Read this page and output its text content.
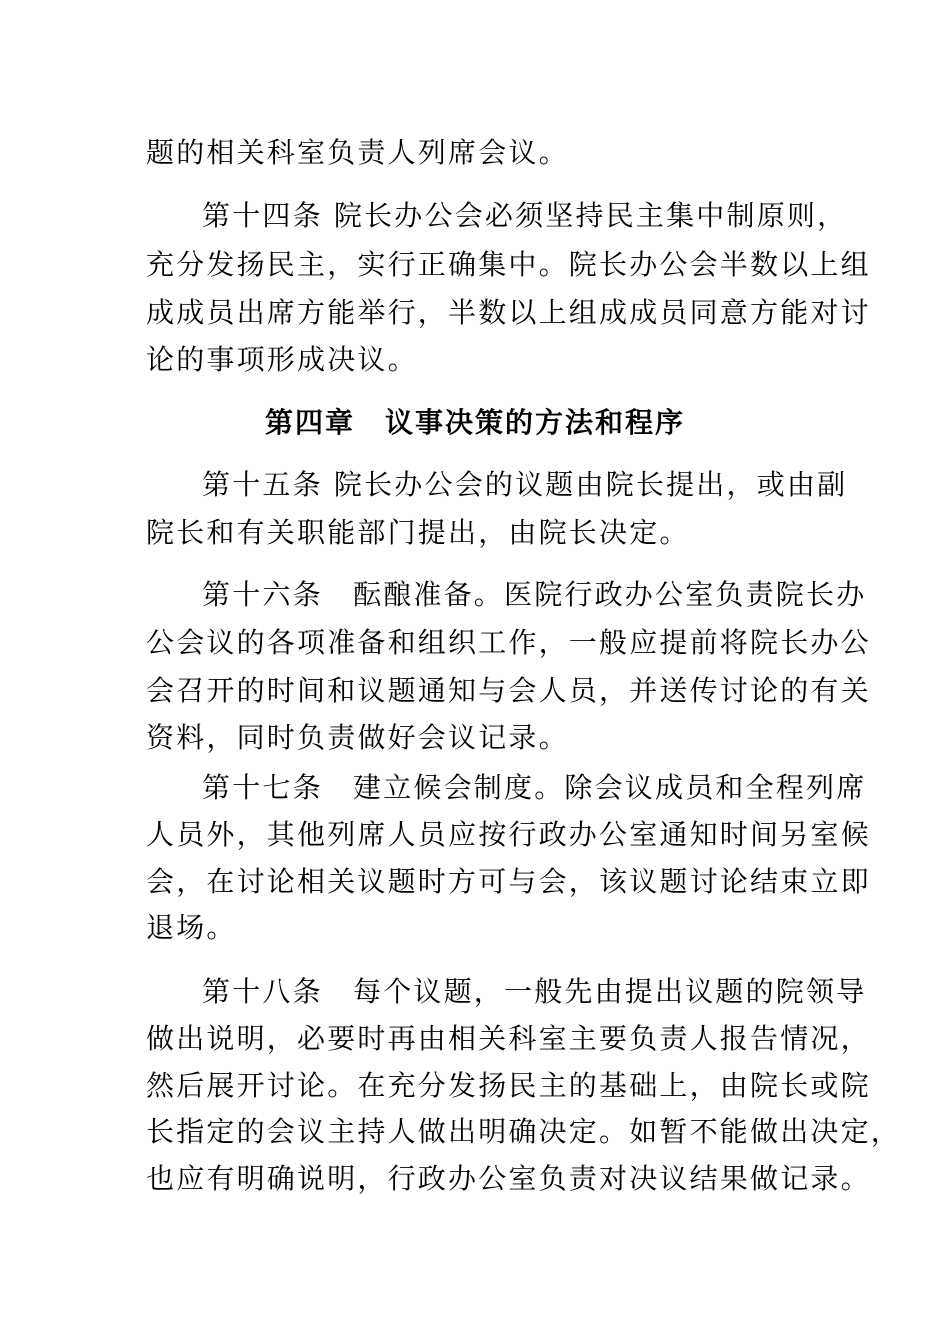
题的相关科室负责人列席会议。
第十四条 院长办公会必须坚持民主集中制原则，
充分发扬民主，实行正确集中。院长办公会半数以上组
成成员出席方能举行，半数以上组成成员同意方能对讨
论的事项形成决议。
第四章　议事决策的方法和程序
第十五条 院长办公会的议题由院长提出，或由副
院长和有关职能部门提出，由院长决定。
第十六条　酝酿准备。医院行政办公室负责院长办
公会议的各项准备和组织工作，一般应提前将院长办公
会召开的时间和议题通知与会人员，并送传讨论的有关
资料，同时负责做好会议记录。
第十七条　建立候会制度。除会议成员和全程列席
人员外，其他列席人员应按行政办公室通知时间另室候
会，在讨论相关议题时方可与会，该议题讨论结束立即
退场。
第十八条　每个议题，一般先由提出议题的院领导
做出说明，必要时再由相关科室主要负责人报告情况，
然后展开讨论。在充分发扬民主的基础上，由院长或院
长指定的会议主持人做出明确决定。如暂不能做出决定，
也应有明确说明，行政办公室负责对决议结果做记录。
